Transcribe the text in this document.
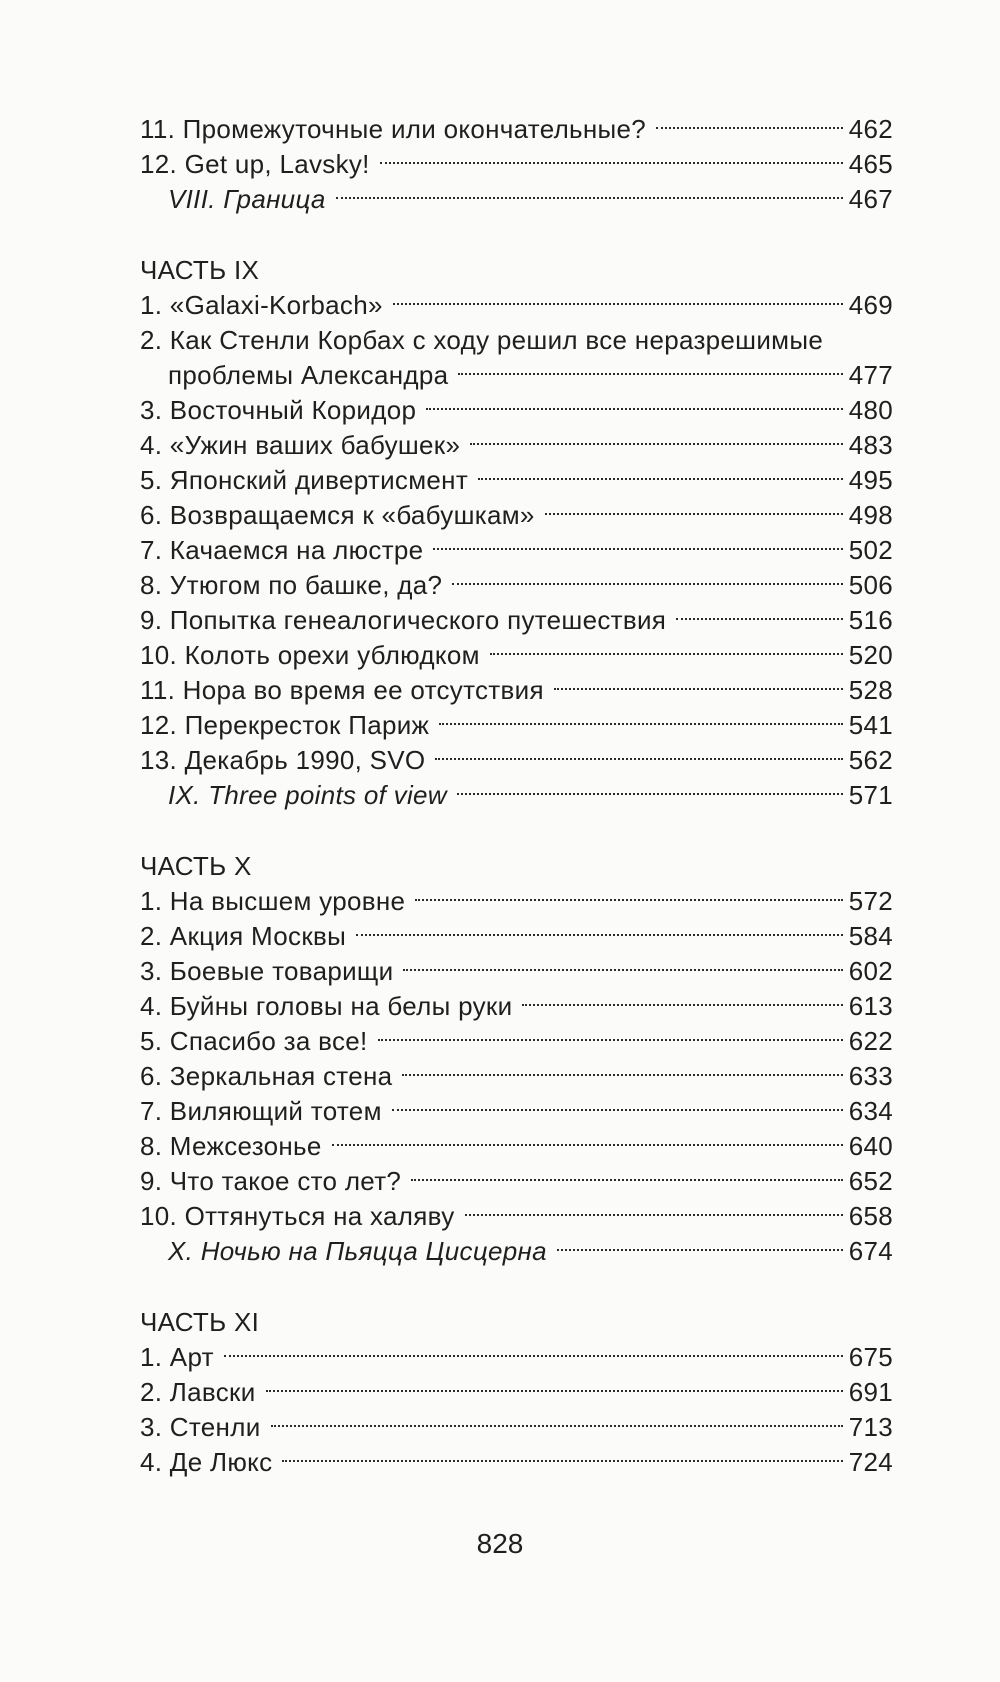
11. Промежуточные или окончательные?	462
12. Get up, Lavsky!	465
VIII. Граница	467
ЧАСТЬ IX
1. «Galaxi-Korbach»	469
2. Как Стенли Корбах с ходу решил все неразрешимые
проблемы Александра	477
3. Восточный Коридор	480
4. «Ужин ваших бабушек»	483
5. Японский дивертисмент	495
6. Возвращаемся к «бабушкам»	498
7. Качаемся на люстре	502
8. Утюгом по башке, да?	506
9. Попытка генеалогического путешествия	516
10. Колоть орехи ублюдком	520
11. Нора во время ее отсутствия	528
12. Перекресток Париж	541
13. Декабрь 1990, SVO	562
IX. Three points of view	571
ЧАСТЬ X
1. На высшем уровне	572
2. Акция Москвы	584
3. Боевые товарищи	602
4. Буйны головы на белы руки	613
5. Спасибо за все!	622
6. Зеркальная стена	633
7. Виляющий тотем	634
8. Межсезонье	640
9. Что такое сто лет?	652
10. Оттянуться на халяву	658
X. Ночью на Пьяцца Цисцерна	674
ЧАСТЬ XI
1. Арт	675
2. Лавски	691
3. Стенли	713
4. Де Люкс	724
828
